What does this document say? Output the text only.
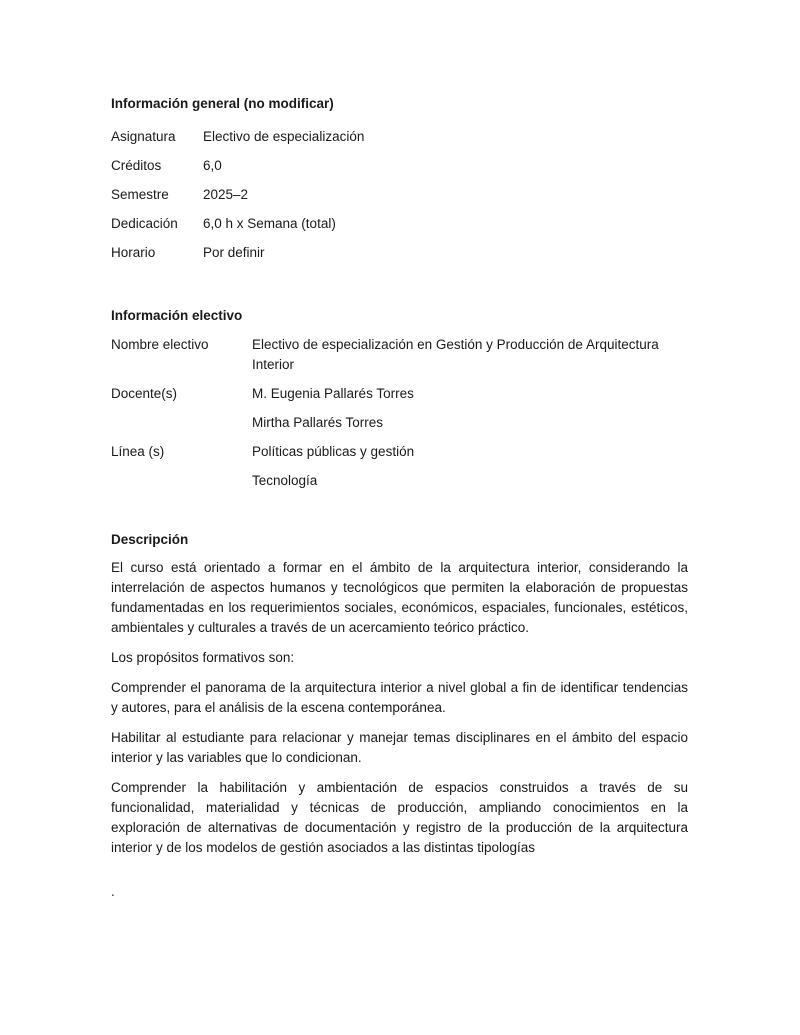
Información general (no modificar)

Asignatura	Electivo de especialización

Créditos	6,0

Semestre	2025–2

Dedicación	6,0 h x Semana (total)

Horario	Por definir

Información electivo

Nombre electivo	Electivo de especialización en Gestión y Producción de Arquitectura Interior

Docente(s)	M. Eugenia Pallarés Torres

Mirtha Pallarés Torres

Línea (s)	Políticas públicas y gestión

Tecnología

Descripción

El curso está orientado a formar en el ámbito de la arquitectura interior, considerando la interrelación de aspectos humanos y tecnológicos que permiten la elaboración de propuestas fundamentadas en los requerimientos sociales, económicos, espaciales, funcionales, estéticos, ambientales y culturales a través de un acercamiento teórico práctico.

Los propósitos formativos son:

Comprender el panorama de la arquitectura interior a nivel global a fin de identificar tendencias y autores, para el análisis de la escena contemporánea.

Habilitar al estudiante para relacionar y manejar temas disciplinares en el ámbito del espacio interior y las variables que lo condicionan.

Comprender la habilitación y ambientación de espacios construidos a través de su funcionalidad, materialidad y técnicas de producción, ampliando conocimientos en la exploración de alternativas de documentación y registro de la producción de la arquitectura interior y de los modelos de gestión asociados a las distintas tipologías

.
